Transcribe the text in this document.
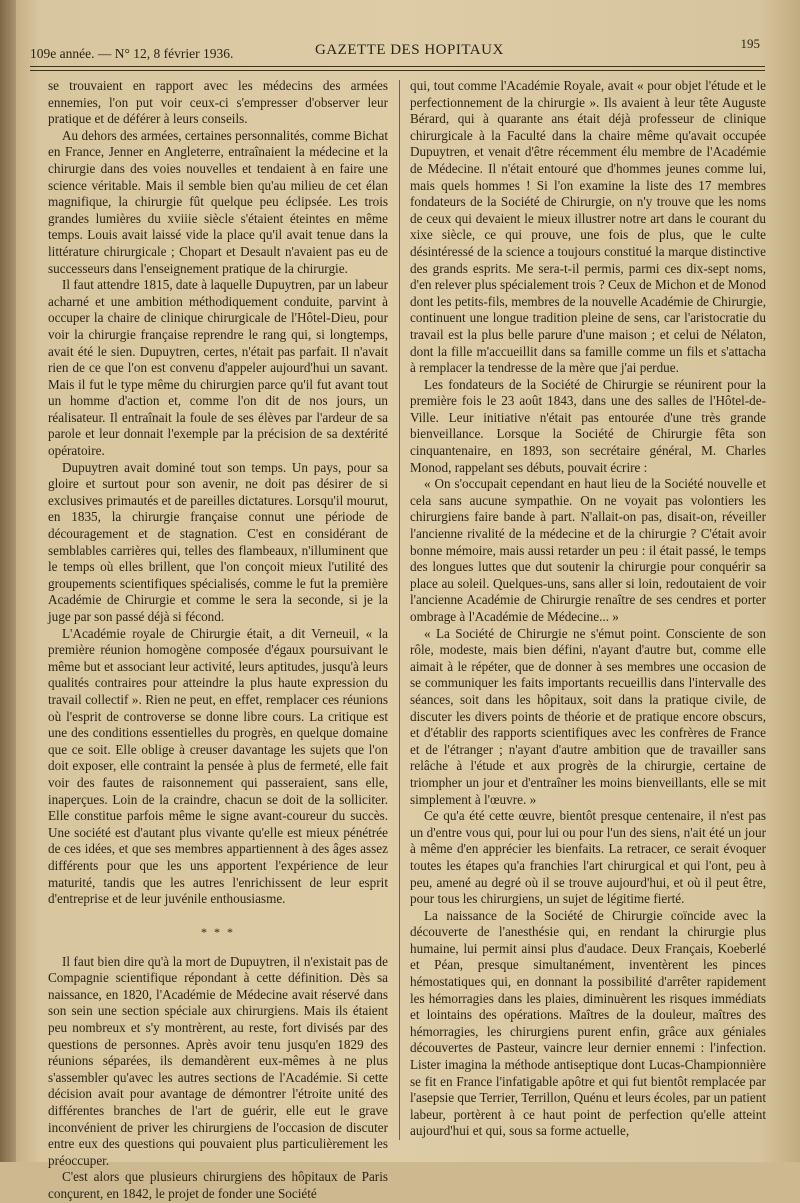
109e année. — N° 12, 8 février 1936.	GAZETTE DES HOPITAUX	195

se trouvaient en rapport avec les médecins des armées ennemies, l'on put voir ceux-ci s'empresser d'observer leur pratique et de déférer à leurs conseils.

Au dehors des armées, certaines personnalités, comme Bichat en France, Jenner en Angleterre, entraînaient la médecine et la chirurgie dans des voies nouvelles et tendaient à en faire une science véritable. Mais il semble bien qu'au milieu de cet élan magnifique, la chirurgie fût quelque peu éclipsée. Les trois grandes lumières du xviiie siècle s'étaient éteintes en même temps. Louis avait laissé vide la place qu'il avait tenue dans la littérature chirurgicale ; Chopart et Desault n'avaient pas eu de successeurs dans l'enseignement pratique de la chirurgie.

Il faut attendre 1815, date à laquelle Dupuytren, par un labeur acharné et une ambition méthodiquement conduite, parvint à occuper la chaire de clinique chirurgicale de l'Hôtel-Dieu, pour voir la chirurgie française reprendre le rang qui, si longtemps, avait été le sien. Dupuytren, certes, n'était pas parfait. Il n'avait rien de ce que l'on est convenu d'appeler aujourd'hui un savant. Mais il fut le type même du chirurgien parce qu'il fut avant tout un homme d'action et, comme l'on dit de nos jours, un réalisateur. Il entraînait la foule de ses élèves par l'ardeur de sa parole et leur donnait l'exemple par la précision de sa dextérité opératoire.

Dupuytren avait dominé tout son temps. Un pays, pour sa gloire et surtout pour son avenir, ne doit pas désirer de si exclusives primautés et de pareilles dictatures. Lorsqu'il mourut, en 1835, la chirurgie française connut une période de découragement et de stagnation. C'est en considérant de semblables carrières qui, telles des flambeaux, n'illuminent que le temps où elles brillent, que l'on conçoit mieux l'utilité des groupements scientifiques spécialisés, comme le fut la première Académie de Chirurgie et comme le sera la seconde, si je la juge par son passé déjà si fécond.

L'Académie royale de Chirurgie était, a dit Verneuil, « la première réunion homogène composée d'égaux poursuivant le même but et associant leur activité, leurs aptitudes, jusqu'à leurs qualités contraires pour atteindre la plus haute expression du travail collectif ». Rien ne peut, en effet, remplacer ces réunions où l'esprit de controverse se donne libre cours. La critique est une des conditions essentielles du progrès, en quelque domaine que ce soit. Elle oblige à creuser davantage les sujets que l'on doit exposer, elle contraint la pensée à plus de fermeté, elle fait voir des fautes de raisonnement qui passeraient, sans elle, inaperçues. Loin de la craindre, chacun se doit de la solliciter. Elle constitue parfois même le signe avant-coureur du succès. Une société est d'autant plus vivante qu'elle est mieux pénétrée de ces idées, et que ses membres appartiennent à des âges assez différents pour que les uns apportent l'expérience de leur maturité, tandis que les autres l'enrichissent de leur esprit d'entreprise et de leur juvénile enthousiasme.

* * *

Il faut bien dire qu'à la mort de Dupuytren, il n'existait pas de Compagnie scientifique répondant à cette définition. Dès sa naissance, en 1820, l'Académie de Médecine avait réservé dans son sein une section spéciale aux chirurgiens. Mais ils étaient peu nombreux et s'y montrèrent, au reste, fort divisés par des questions de personnes. Après avoir tenu jusqu'en 1829 des réunions séparées, ils demandèrent eux-mêmes à ne plus s'assembler qu'avec les autres sections de l'Académie. Si cette décision avait pour avantage de démontrer l'étroite unité des différentes branches de l'art de guérir, elle eut le grave inconvénient de priver les chirurgiens de l'occasion de discuter entre eux des questions qui pouvaient plus particulièrement les préoccuper.

C'est alors que plusieurs chirurgiens des hôpitaux de Paris conçurent, en 1842, le projet de fonder une Société

qui, tout comme l'Académie Royale, avait « pour objet l'étude et le perfectionnement de la chirurgie ». Ils avaient à leur tête Auguste Bérard, qui à quarante ans était déjà professeur de clinique chirurgicale à la Faculté dans la chaire même qu'avait occupée Dupuytren, et venait d'être récemment élu membre de l'Académie de Médecine. Il n'était entouré que d'hommes jeunes comme lui, mais quels hommes ! Si l'on examine la liste des 17 membres fondateurs de la Société de Chirurgie, on n'y trouve que les noms de ceux qui devaient le mieux illustrer notre art dans le courant du xixe siècle, ce qui prouve, une fois de plus, que le culte désintéressé de la science a toujours constitué la marque distinctive des grands esprits. Me sera-t-il permis, parmi ces dix-sept noms, d'en relever plus spécialement trois ? Ceux de Michon et de Monod dont les petits-fils, membres de la nouvelle Académie de Chirurgie, continuent une longue tradition pleine de sens, car l'aristocratie du travail est la plus belle parure d'une maison ; et celui de Nélaton, dont la fille m'accueillit dans sa famille comme un fils et s'attacha à remplacer la tendresse de la mère que j'ai perdue.

Les fondateurs de la Société de Chirurgie se réunirent pour la première fois le 23 août 1843, dans une des salles de l'Hôtel-de-Ville. Leur initiative n'était pas entourée d'une très grande bienveillance. Lorsque la Société de Chirurgie fêta son cinquantenaire, en 1893, son secrétaire général, M. Charles Monod, rappelant ses débuts, pouvait écrire :

« On s'occupait cependant en haut lieu de la Société nouvelle et cela sans aucune sympathie. On ne voyait pas volontiers les chirurgiens faire bande à part. N'allait-on pas, disait-on, réveiller l'ancienne rivalité de la médecine et de la chirurgie ? C'était avoir bonne mémoire, mais aussi retarder un peu : il était passé, le temps des longues luttes que dut soutenir la chirurgie pour conquérir sa place au soleil. Quelques-uns, sans aller si loin, redoutaient de voir l'ancienne Académie de Chirurgie renaître de ses cendres et porter ombrage à l'Académie de Médecine... »

« La Société de Chirurgie ne s'émut point. Consciente de son rôle, modeste, mais bien défini, n'ayant d'autre but, comme elle aimait à le répéter, que de donner à ses membres une occasion de se communiquer les faits importants recueillis dans l'intervalle des séances, soit dans les hôpitaux, soit dans la pratique civile, de discuter les divers points de théorie et de pratique encore obscurs, et d'établir des rapports scientifiques avec les confrères de France et de l'étranger ; n'ayant d'autre ambition que de travailler sans relâche à l'étude et aux progrès de la chirurgie, certaine de triompher un jour et d'entraîner les moins bienveillants, elle se mit simplement à l'œuvre. »

Ce qu'a été cette œuvre, bientôt presque centenaire, il n'est pas un d'entre vous qui, pour lui ou pour l'un des siens, n'ait été un jour à même d'en apprécier les bienfaits. La retracer, ce serait évoquer toutes les étapes qu'a franchies l'art chirurgical et qui l'ont, peu à peu, amené au degré où il se trouve aujourd'hui, et où il peut être, pour tous les chirurgiens, un sujet de légitime fierté.

La naissance de la Société de Chirurgie coïncide avec la découverte de l'anesthésie qui, en rendant la chirurgie plus humaine, lui permit ainsi plus d'audace. Deux Français, Koeberlé et Péan, presque simultanément, inventèrent les pinces hémostatiques qui, en donnant la possibilité d'arrêter rapidement les hémorragies dans les plaies, diminuèrent les risques immédiats et lointains des opérations. Maîtres de la douleur, maîtres des hémorragies, les chirurgiens purent enfin, grâce aux géniales découvertes de Pasteur, vaincre leur dernier ennemi : l'infection. Lister imagina la méthode antiseptique dont Lucas-Championnière se fit en France l'infatigable apôtre et qui fut bientôt remplacée par l'asepsie que Terrier, Terrillon, Quénu et leurs écoles, par un patient labeur, portèrent à ce haut point de perfection qu'elle atteint aujourd'hui et qui, sous sa forme actuelle,
